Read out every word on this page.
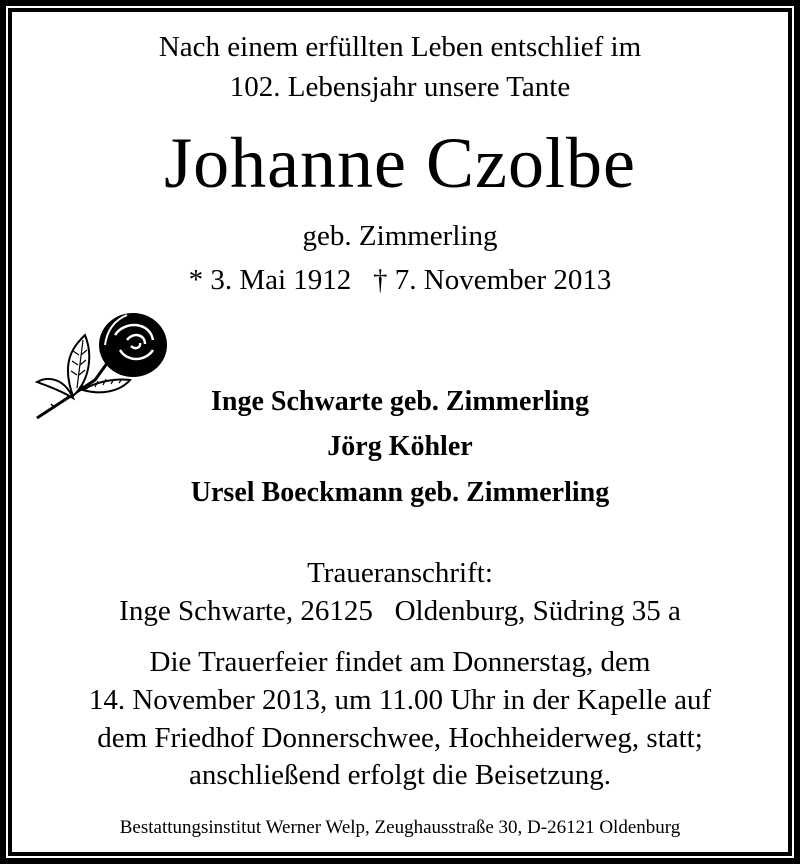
Nach einem erfüllten Leben entschlief im
102. Lebensjahr unsere Tante
Johanne Czolbe
geb. Zimmerling
* 3. Mai 1912   † 7. November 2013
Inge Schwarte geb. Zimmerling
Jörg Köhler
Ursel Boeckmann geb. Zimmerling
Traueranschrift:
Inge Schwarte, 26125   Oldenburg, Südring 35 a
Die Trauerfeier findet am Donnerstag, dem
14. November 2013, um 11.00 Uhr in der Kapelle auf
dem Friedhof Donnerschwee, Hochheiderweg, statt;
anschließend erfolgt die Beisetzung.
Bestattungsinstitut Werner Welp, Zeughausstraße 30, D-26121 Oldenburg
